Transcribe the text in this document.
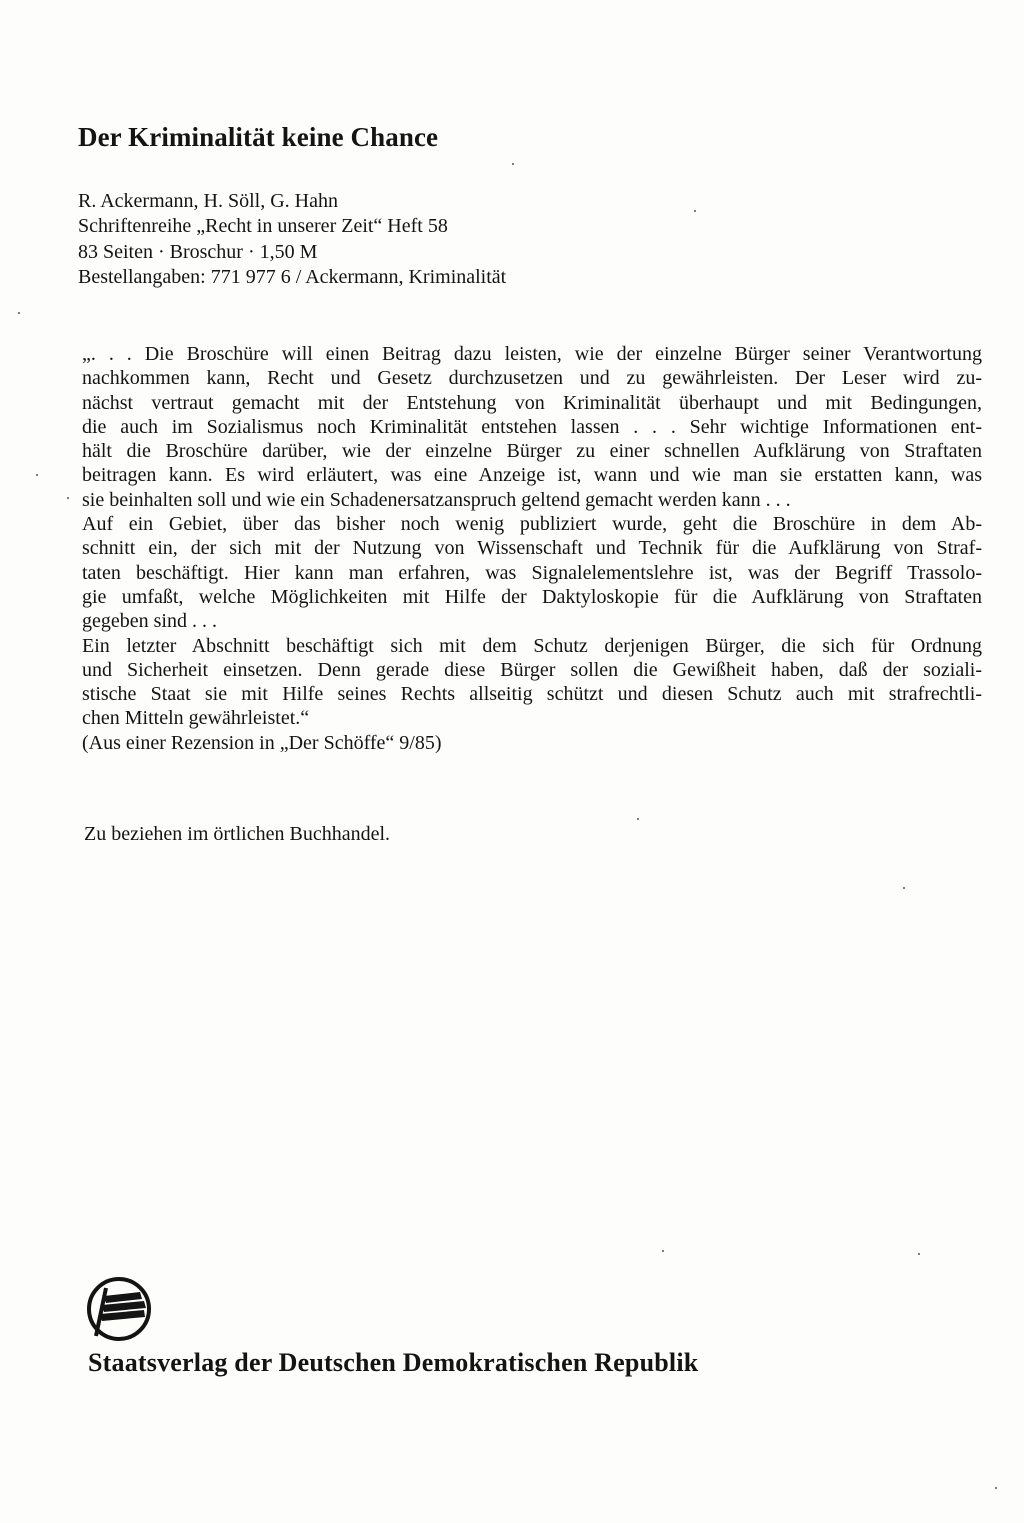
Der Kriminalität keine Chance
R. Ackermann, H. Söll, G. Hahn
Schriftenreihe „Recht in unserer Zeit“ Heft 58
83 Seiten · Broschur · 1,50 M
Bestellangaben: 771 977 6 / Ackermann, Kriminalität
„. . . Die Broschüre will einen Beitrag dazu leisten, wie der einzelne Bürger seiner Verantwortung
nachkommen kann, Recht und Gesetz durchzusetzen und zu gewährleisten. Der Leser wird zu-
nächst vertraut gemacht mit der Entstehung von Kriminalität überhaupt und mit Bedingungen,
die auch im Sozialismus noch Kriminalität entstehen lassen . . . Sehr wichtige Informationen ent-
hält die Broschüre darüber, wie der einzelne Bürger zu einer schnellen Aufklärung von Straftaten
beitragen kann. Es wird erläutert, was eine Anzeige ist, wann und wie man sie erstatten kann, was
sie beinhalten soll und wie ein Schadenersatzanspruch geltend gemacht werden kann . . .
Auf ein Gebiet, über das bisher noch wenig publiziert wurde, geht die Broschüre in dem Ab-
schnitt ein, der sich mit der Nutzung von Wissenschaft und Technik für die Aufklärung von Straf-
taten beschäftigt. Hier kann man erfahren, was Signalelementslehre ist, was der Begriff Trassolo-
gie umfaßt, welche Möglichkeiten mit Hilfe der Daktyloskopie für die Aufklärung von Straftaten
gegeben sind . . .
Ein letzter Abschnitt beschäftigt sich mit dem Schutz derjenigen Bürger, die sich für Ordnung
und Sicherheit einsetzen. Denn gerade diese Bürger sollen die Gewißheit haben, daß der soziali-
stische Staat sie mit Hilfe seines Rechts allseitig schützt und diesen Schutz auch mit strafrechtli-
chen Mitteln gewährleistet.“
(Aus einer Rezension in „Der Schöffe“ 9/85)
Zu beziehen im örtlichen Buchhandel.
Staatsverlag der Deutschen Demokratischen Republik
